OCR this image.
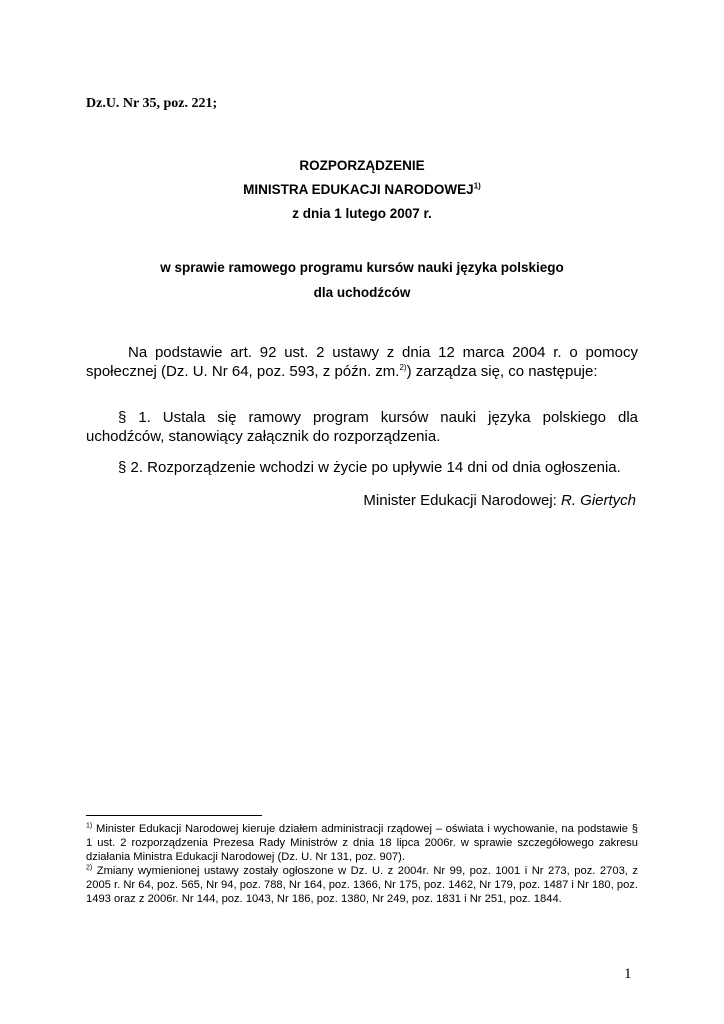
Dz.U. Nr 35, poz. 221;
ROZPORZĄDZENIE
MINISTRA EDUKACJI NARODOWEJ$^{1)}$
z dnia 1 lutego 2007 r.
w sprawie ramowego programu kursów nauki języka polskiego
dla uchodźców
Na podstawie art. 92 ust. 2 ustawy z dnia 12 marca 2004 r. o pomocy społecznej (Dz. U. Nr 64, poz. 593, z późn. zm.$^{2)}$) zarządza się, co następuje:
§ 1. Ustala się ramowy program kursów nauki języka polskiego dla uchodźców, stanowiący załącznik do rozporządzenia.
§ 2. Rozporządzenie wchodzi w życie po upływie 14 dni od dnia ogłoszenia.
Minister Edukacji Narodowej: R. Giertych
$^{1)}$ Minister Edukacji Narodowej kieruje działem administracji rządowej – oświata i wychowanie, na podstawie § 1 ust. 2 rozporządzenia Prezesa Rady Ministrów z dnia 18 lipca 2006r. w sprawie szczegółowego zakresu działania Ministra Edukacji Narodowej (Dz. U. Nr 131, poz. 907).
$^{2)}$ Zmiany wymienionej ustawy zostały ogłoszone w Dz. U. z 2004r. Nr 99, poz. 1001 i Nr 273, poz. 2703, z 2005 r. Nr 64, poz. 565, Nr 94, poz. 788, Nr 164, poz. 1366, Nr 175, poz. 1462, Nr 179, poz. 1487 i Nr 180, poz. 1493 oraz z 2006r. Nr 144, poz. 1043, Nr 186, poz. 1380, Nr 249, poz. 1831 i Nr 251, poz. 1844.
1
